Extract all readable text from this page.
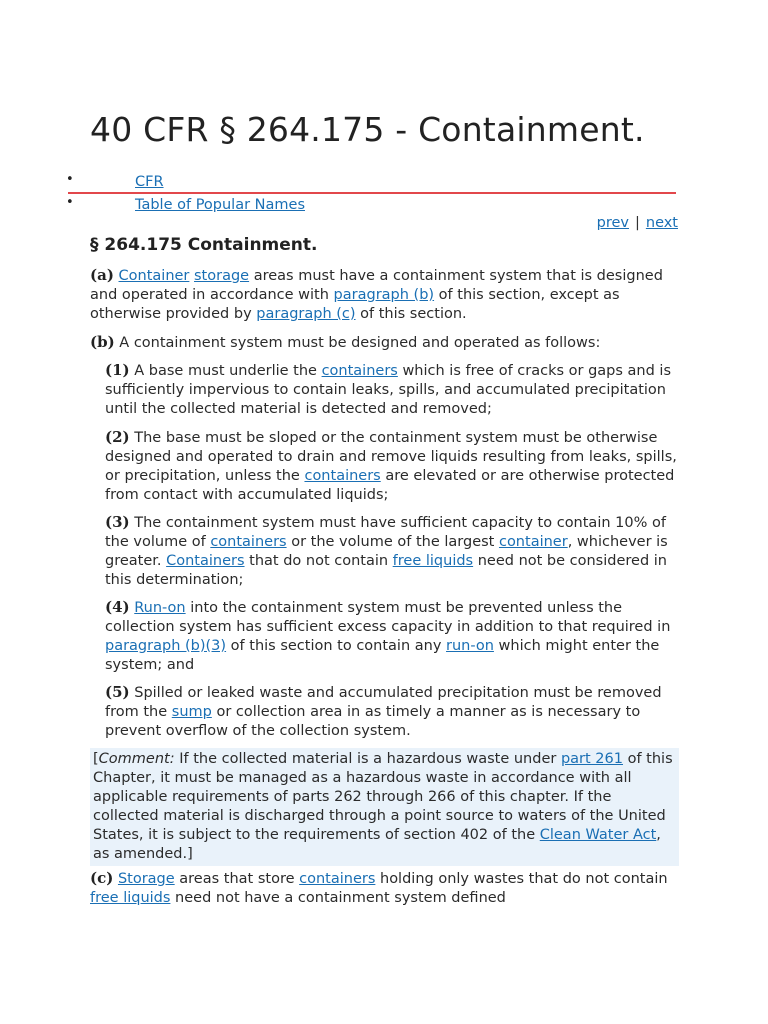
40 CFR § 264.175 - Containment.
•	CFR
•	Table of Popular Names
prev | next
§ 264.175 Containment.
(a) Container storage areas must have a containment system that is designed and operated in accordance with paragraph (b) of this section, except as otherwise provided by paragraph (c) of this section.
(b) A containment system must be designed and operated as follows:
(1) A base must underlie the containers which is free of cracks or gaps and is sufficiently impervious to contain leaks, spills, and accumulated precipitation until the collected material is detected and removed;
(2) The base must be sloped or the containment system must be otherwise designed and operated to drain and remove liquids resulting from leaks, spills, or precipitation, unless the containers are elevated or are otherwise protected from contact with accumulated liquids;
(3) The containment system must have sufficient capacity to contain 10% of the volume of containers or the volume of the largest container, whichever is greater. Containers that do not contain free liquids need not be considered in this determination;
(4) Run-on into the containment system must be prevented unless the collection system has sufficient excess capacity in addition to that required in paragraph (b)(3) of this section to contain any run-on which might enter the system; and
(5) Spilled or leaked waste and accumulated precipitation must be removed from the sump or collection area in as timely a manner as is necessary to prevent overflow of the collection system.
[Comment: If the collected material is a hazardous waste under part 261 of this Chapter, it must be managed as a hazardous waste in accordance with all applicable requirements of parts 262 through 266 of this chapter. If the collected material is discharged through a point source to waters of the United States, it is subject to the requirements of section 402 of the Clean Water Act, as amended.]
(c) Storage areas that store containers holding only wastes that do not contain free liquids need not have a containment system defined
